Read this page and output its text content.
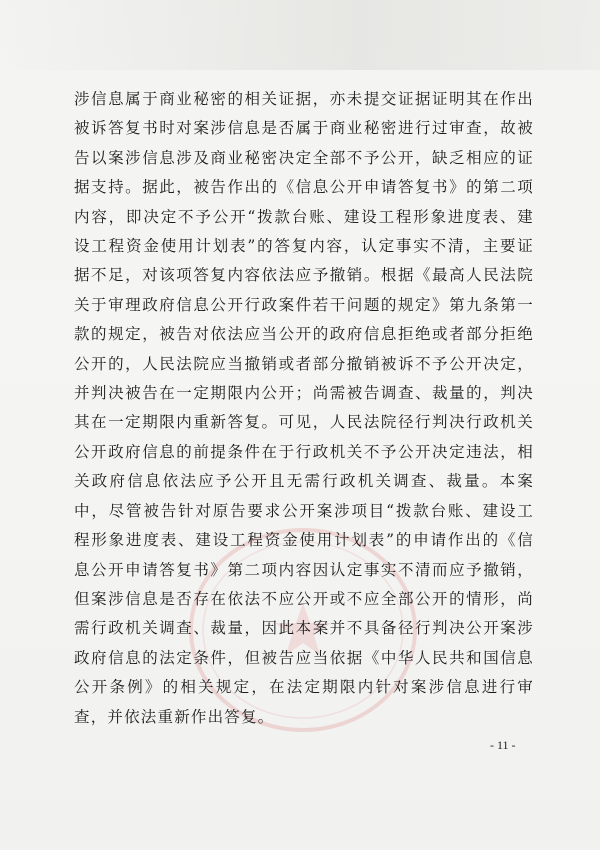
涉信息属于商业秘密的相关证据，亦未提交证据证明其在作出被诉答复书时对案涉信息是否属于商业秘密进行过审查，故被告以案涉信息涉及商业秘密决定全部不予公开，缺乏相应的证据支持。据此，被告作出的《信息公开申请答复书》的第二项内容，即决定不予公开“拨款台账、建设工程形象进度表、建设工程资金使用计划表”的答复内容，认定事实不清，主要证据不足，对该项答复内容依法应予撤销。根据《最高人民法院关于审理政府信息公开行政案件若干问题的规定》第九条第一款的规定，被告对依法应当公开的政府信息拒绝或者部分拒绝公开的，人民法院应当撤销或者部分撤销被诉不予公开决定，并判决被告在一定期限内公开；尚需被告调查、裁量的，判决其在一定期限内重新答复。可见，人民法院径行判决行政机关公开政府信息的前提条件在于行政机关不予公开决定违法，相关政府信息依法应予公开且无需行政机关调查、裁量。本案中，尽管被告针对原告要求公开案涉项目“拨款台账、建设工程形象进度表、建设工程资金使用计划表”的申请作出的《信息公开申请答复书》第二项内容因认定事实不清而应予撤销，但案涉信息是否存在依法不应公开或不应全部公开的情形，尚需行政机关调查、裁量，因此本案并不具备径行判决公开案涉政府信息的法定条件，但被告应当依据《中华人民共和国信息公开条例》的相关规定，在法定期限内针对案涉信息进行审查，并依法重新作出答复。

- 11 -
